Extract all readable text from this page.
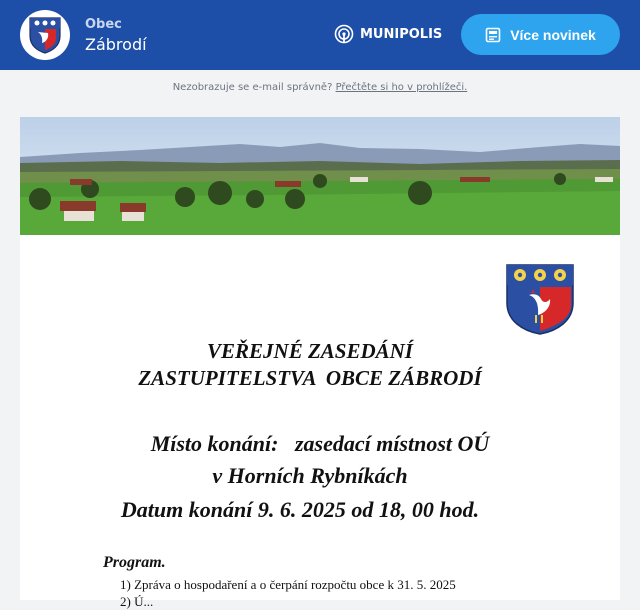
Obec
Zábrodí
MUNIPOLIS	Více novinek
Nezobrazuje se e-mail správně? Přečtěte si ho v prohlížeči.
VEŘEJNÉ ZASEDÁNÍ
ZASTUPITELSTVA  OBCE ZÁBRODÍ
Místo konání:   zasedací místnost OÚ
v Horních Rybníkách
Datum konání 9. 6. 2025 od 18, 00 hod.
Program.
1) Zpráva o hospodaření a o čerpání rozpočtu obce k 31. 5. 2025
2) Ú...
